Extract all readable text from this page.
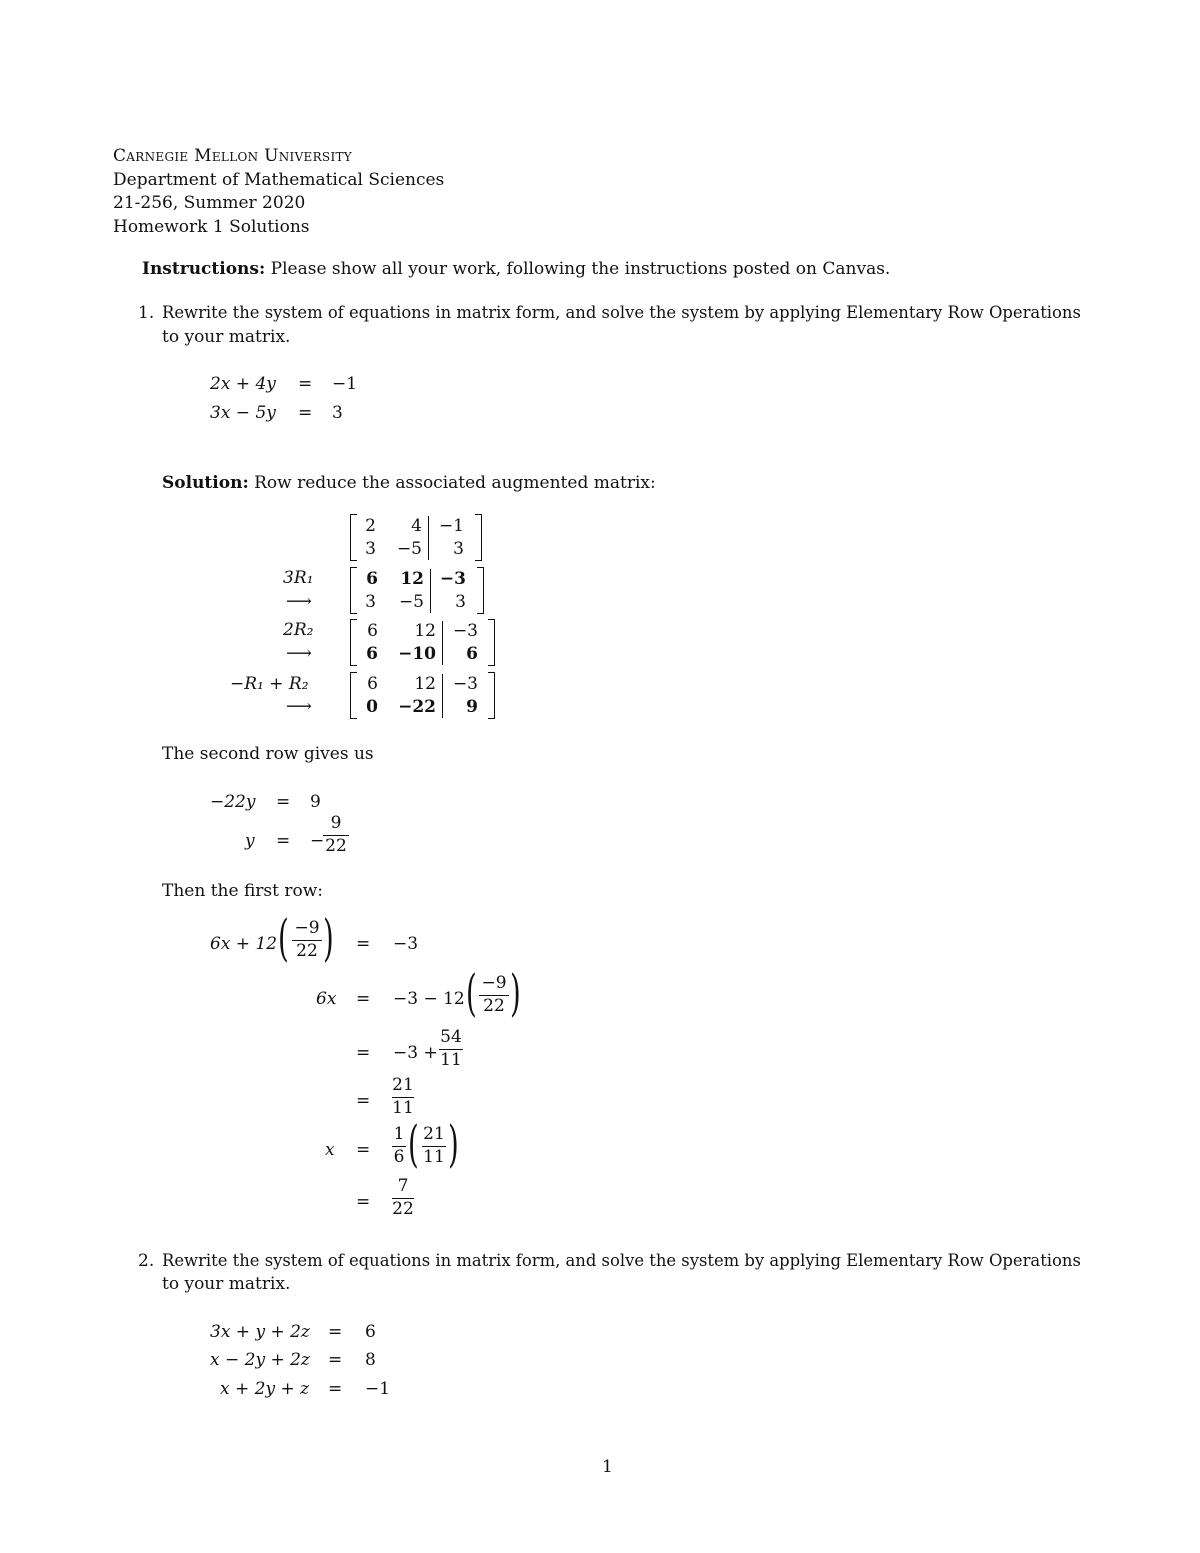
Carnegie Mellon University
Department of Mathematical Sciences
21-256, Summer 2020
Homework 1 Solutions
Instructions: Please show all your work, following the instructions posted on Canvas.
1. Rewrite the system of equations in matrix form, and solve the system by applying Elementary Row Operations
to your matrix.
2x + 4y = −1
3x − 5y = 3
Solution: Row reduce the associated augmented matrix:
2	4 −1
3	−5	3
3R₁
⟶
6	12 −3
3	−5	3
2R₂
⟶
6	12 −3
6 −10	6
−R₁ + R₂
⟶
6	12 −3
0 −22	9
The second row gives us
−22y = 9
y = −
9
22
Then the first row:
6x + 12 ( −9
22 ) = −3
6x = −3 − 12 ( −9
22 )
= −3 +
54
11
=
21
11
x =
1
6 ( 21
11 )
=
7
22
2. Rewrite the system of equations in matrix form, and solve the system by applying Elementary Row Operations
to your matrix.
3x + y + 2z = 6
x − 2y + 2z = 8
x + 2y + z = −1
1
